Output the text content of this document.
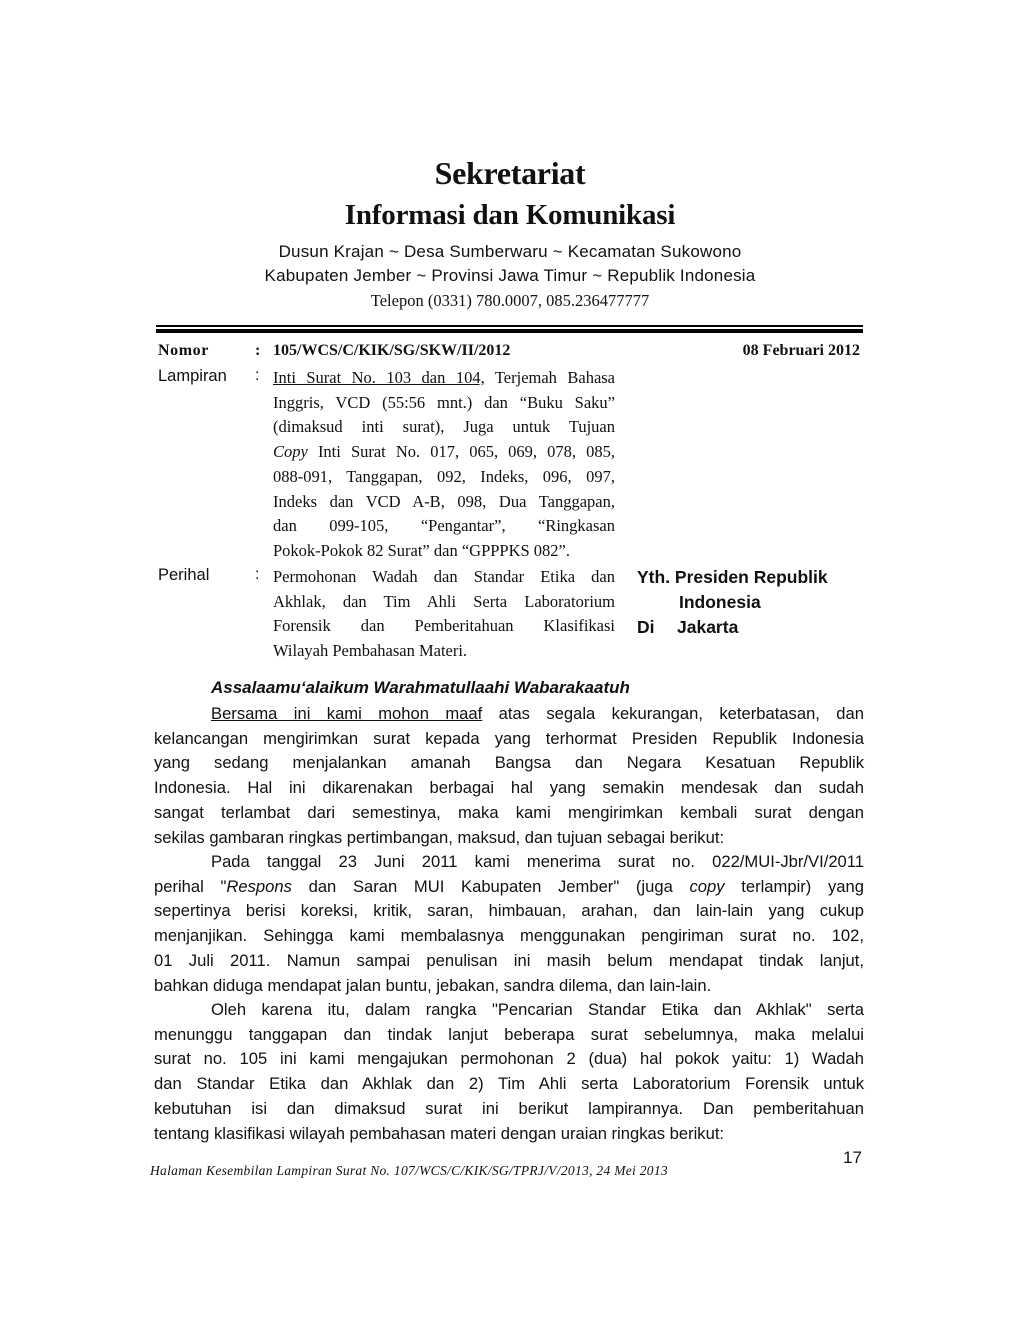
Sekretariat
Informasi dan Komunikasi
Dusun Krajan ~ Desa Sumberwaru ~ Kecamatan Sukowono
Kabupaten Jember ~ Provinsi Jawa Timur ~ Republik Indonesia
Telepon (0331) 780.0007, 085.236477777
Nomor	: 105/WCS/C/KIK/SG/SKW/II/2012	08 Februari 2012
Lampiran : Inti Surat No. 103 dan 104, Terjemah Bahasa
Inggris, VCD (55:56 mnt.) dan “Buku Saku”
(dimaksud inti surat), Juga untuk Tujuan
Copy Inti Surat No. 017, 065, 069, 078, 085,
088-091, Tanggapan, 092, Indeks, 096, 097,
Indeks dan VCD A-B, 098, Dua Tanggapan,
dan 099-105, “Pengantar”, “Ringkasan
Pokok-Pokok 82 Surat” dan “GPPPKS 082”.
Perihal	: Permohonan Wadah dan Standar Etika dan
Akhlak, dan Tim Ahli Serta Laboratorium
Forensik dan Pemberitahuan Klasifikasi
Wilayah Pembahasan Materi.
Yth. Presiden Republik
Indonesia
Di Jakarta
Assalaamu‘alaikum Warahmatullaahi Wabarakaatuh
Bersama ini kami mohon maaf atas segala kekurangan, keterbatasan, dan
kelancangan mengirimkan surat kepada yang terhormat Presiden Republik Indonesia
yang sedang menjalankan amanah Bangsa dan Negara Kesatuan Republik
Indonesia. Hal ini dikarenakan berbagai hal yang semakin mendesak dan sudah
sangat terlambat dari semestinya, maka kami mengirimkan kembali surat dengan
sekilas gambaran ringkas pertimbangan, maksud, dan tujuan sebagai berikut:
Pada tanggal 23 Juni 2011 kami menerima surat no. 022/MUI-Jbr/VI/2011
perihal "Respons dan Saran MUI Kabupaten Jember" (juga copy terlampir) yang
sepertinya berisi koreksi, kritik, saran, himbauan, arahan, dan lain-lain yang cukup
menjanjikan. Sehingga kami membalasnya menggunakan pengiriman surat no. 102,
01 Juli 2011. Namun sampai penulisan ini masih belum mendapat tindak lanjut,
bahkan diduga mendapat jalan buntu, jebakan, sandra dilema, dan lain-lain.
Oleh karena itu, dalam rangka "Pencarian Standar Etika dan Akhlak" serta
menunggu tanggapan dan tindak lanjut beberapa surat sebelumnya, maka melalui
surat no. 105 ini kami mengajukan permohonan 2 (dua) hal pokok yaitu: 1) Wadah
dan Standar Etika dan Akhlak dan 2) Tim Ahli serta Laboratorium Forensik untuk
kebutuhan isi dan dimaksud surat ini berikut lampirannya. Dan pemberitahuan
tentang klasifikasi wilayah pembahasan materi dengan uraian ringkas berikut:
17
Halaman Kesembilan Lampiran Surat No. 107/WCS/C/KIK/SG/TPRJ/V/2013, 24 Mei 2013
